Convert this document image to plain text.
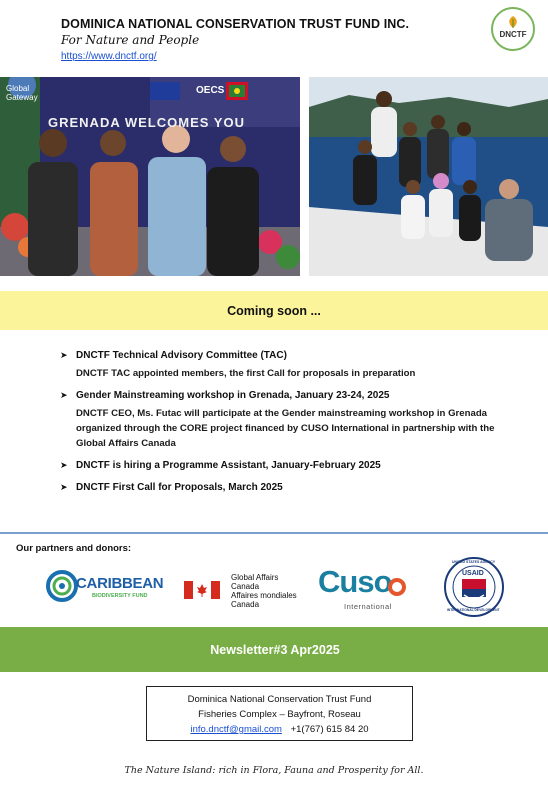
DOMINICA NATIONAL CONSERVATION TRUST FUND INC.
For Nature and People
https://www.dnctf.org/
DNCTF
Global Gateway
OECS
GRENADA WELCOMES YOU
Coming soon ...
➤ DNCTF Technical Advisory Committee (TAC)
DNCTF TAC appointed members, the first Call for proposals in preparation
➤ Gender Mainstreaming workshop in Grenada, January 23-24, 2025
DNCTF CEO, Ms. Futac will participate at the Gender mainstreaming workshop in Grenada organized through the CORE project financed by CUSO International in partnership with the Global Affairs Canada
➤ DNCTF is hiring a Programme Assistant, January-February 2025
➤ DNCTF First Call for Proposals, March 2025
Our partners and donors:
CARIBBEAN
BIODIVERSITY FUND
Global Affairs
Canada
Affaires mondiales
Canada
Cuso
International
USAID
UNITED STATES AGENCY
INTERNATIONAL DEVELOPMENT
Newsletter#3 Apr2025
Dominica National Conservation Trust Fund
Fisheries Complex – Bayfront, Roseau
info.dnctf@gmail.com +1(767) 615 84 20
The Nature Island: rich in Flora, Fauna and Prosperity for All.
